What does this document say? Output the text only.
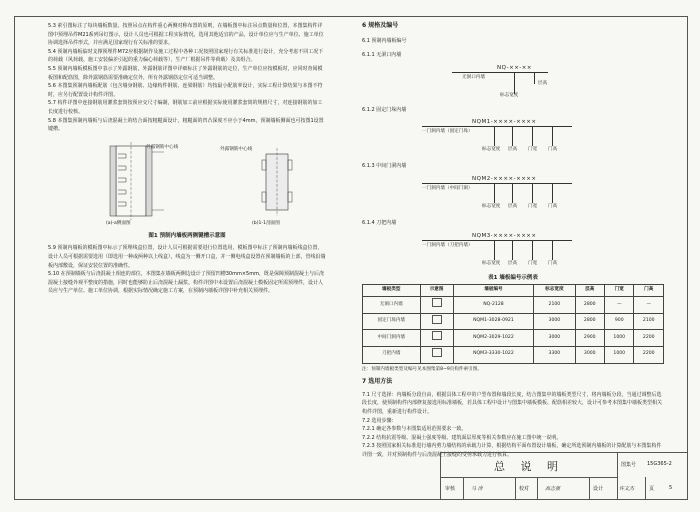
5.3 索引图标注了每块墙板数量、按照吊点在构件重心两侧对称布置的原则，在墙板图中标注吊点数量和位置，本图集构件详图中预埋吊件M21系列吊钉图示，设计人员也可根据工程实际情况，选用其他适宜的产品，设计单位应与生产单位、施工单位协调选择吊件形式，并应满足国家现行有关标准的要求。

5.4 预制内墙板临时支撑预埋件M72应根据制作及施工过程中各种工况按照国家现行有关标准进行设计，充分考虑不同工况下的荷载（风荷载、施工安装偏差引起的重力偏心荷载等），生产厂根据吊件等荷载）及其组合。

5.5 预制内墙板模板图中表示了外露钢筋，外露钢筋详图中详细标注了外露钢筋的定位，生产单位应按模板时，应同时查阅模板图和配筋图，除外露钢筋需要准确定位外，所有外露钢筋定位可适当调整。

5.6 本图集预制内墙板配筋（包含墙身钢筋、边缘构件钢筋、连梁钢筋）均按最小配筋率设计，实际工程计算结果与本图不符时，应另行配置设计构件详图。

5.7 构件详图中连接钢筋用灌浆套筒按预应交尺寸编制，钢筋加工前应根据实际使用灌浆套筒的规格尺寸，对连接钢筋的加工长度进行校核。

5.8 本图集预制内墙板与后浇混凝土的结合面按粗糙面设计，粗糙面的凹凸深度不应小于4mm，预制墙板侧面也可按图1设置键槽。

外露钢筋中心线	外露钢筋中心线
(a)-a侧面图	(b)1-1剖面图

图1 预制内墙板两侧键槽示意图

5.9 预制内墙板的模板图中标示了预埋线盒位置，设计人员可根据需要进行位置选用，模板图中标注了预制内墙板线盒位置，设计人员可根据需要选用（即选用一种或两种以上线盒），线盒为一侧开口盒，并一侧电线盒设置在预制墙板的上部，管线沿墙板内部敷设，保证安装位置的准确性。

5.10 在预制墙板与后浇混凝土相连的部位，本图集在墙板两侧边设计了预留凹槽30mm×5mm，既是保障预制混凝土与后浇混凝土接缝外观平整度的措施，同时也能够防止后浇混凝土漏浆。构件详图中未设置后浇混凝土模板固定所需预埋件，设计人员应与生产单位、施工单位协调，根据实际情况确定施工方案，在预制内墙板详图中补充相关预埋件。

6 规格及编号

6.1 预制内墙板编号

6.1.1 无洞口内墙

NQ-××-××
无洞口内墙
层高
标志宽度

6.1.2 固定门垛内墙

NQM1-××××-××××
一门洞内墙（固定门垛）
标志宽度 层高 门宽 门高

6.1.3 中间门洞内墙

NQM2-××××-××××
一门洞内墙（中间门洞）
标志宽度 层高 门宽 门高

6.1.4 刀把内墙

NQM3-××××-××××
一门洞内墙（刀把内墙）
标志宽度 层高 门宽 门高

表1 墙板编号示例表

墙板类型	示意图	墙板编号	标志宽度	层高	门宽	门高
无洞口内墙		NQ-2128	2100	2800	—	—
固定门垛内墙		NQM1-3028-0921	3000	2800	900	2100
中间门洞内墙		NQM2-3029-1022	3000	2900	1000	2200
刀把内墙		NQM3-3330-1022	3300	3000	1000	2200

注：预制内墙板类型及编号见本图集第8~9页构件索引图。

7 选用方法

7.1 尺寸选择：内墙板分段自由，根据具体工程中的户型布置和墙段长度，结合图集中的墙板类型尺寸，将内墙板分段，当通过调整后选段长度，使预制构件内部修复接选用标准墙板，若具体工程中设计与图集中墙板模板、配筋相差较大，设计可参考本图集中墙板类型相关构件详图，重新进行构件设计。

7.2 选用步骤：

7.2.1 确定各参数与本图集适用范围要求一致。

7.2.2 结构抗震等级、混凝土强度等级、建筑面层厚度等相关参数应在施工图中统一说明。

7.2.3 按照国家相关标准进行墙内剪力墙结构的承载力计算，根据结构平面布置设计墙板，确定所选预制内墙板的计算配筋与本图集构件详图一致，并对预制构件与后浇混凝土接缝的受剪承载力进行核算。

总 说 明	图集号 15G365-2
审核	马 涛	校对	高志强	设计	许文杰	页	5
